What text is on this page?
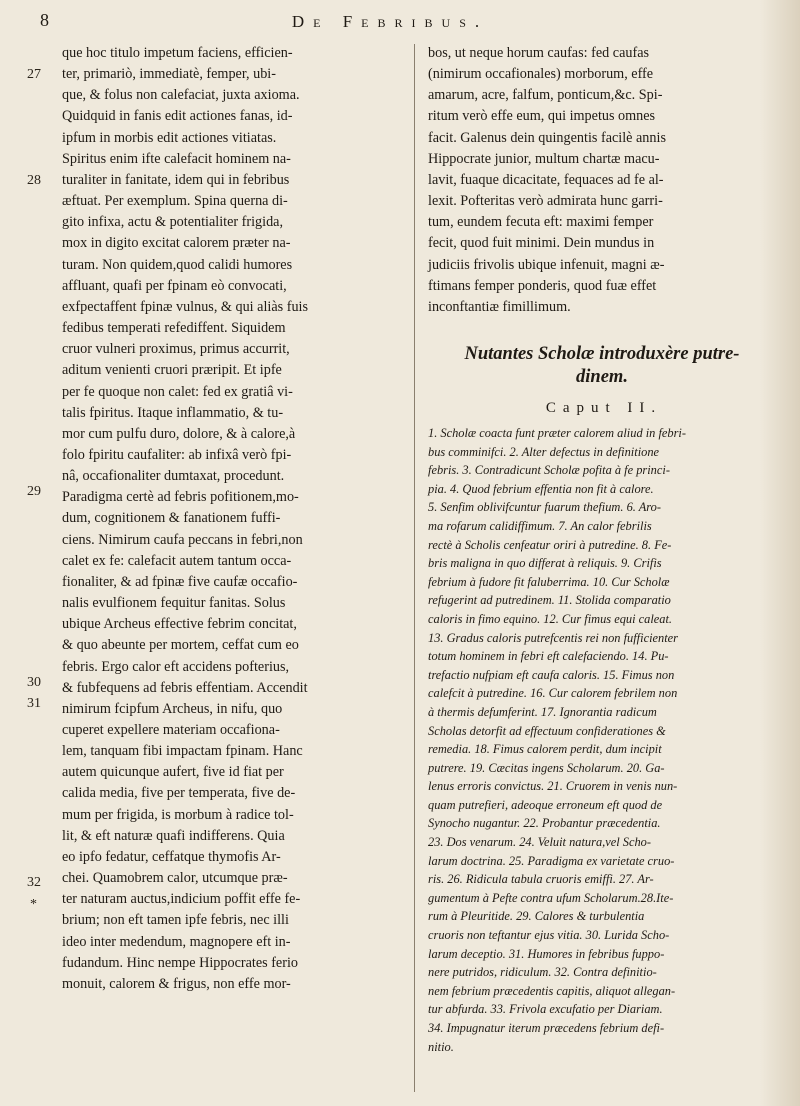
8	De Febribus.
27
28
29
30
31
32
*
que hoc titulo impetum faciens, efficien-
ter, primariò, immediatè, femper, ubi-
que, & folus non calefaciat, juxta axioma.
Quidquid in fanis edit actiones fanas, id-
ipfum in morbis edit actiones vitiatas.
Spiritus enim ifte calefacit hominem na-
turaliter in fanitate, idem qui in febribus
æftuat. Per exemplum. Spina querna di-
gito infixa, actu & potentialiter frigida,
mox in digito excitat calorem præter na-
turam. Non quidem,quod calidi humores
affluant, quafi per fpinam eò convocati,
exfpectaffent fpinæ vulnus, & qui aliàs fuis
fedibus temperati refediffent. Siquidem
cruor vulneri proximus, primus accurrit,
aditum venienti cruori præripit. Et ipfe
per fe quoque non calet: fed ex gratiâ vi-
talis fpiritus. Itaque inflammatio, & tu-
mor cum pulfu duro, dolore, & à calore,à
folo fpiritu caufaliter: ab infixâ verò fpi-
nâ, occafionaliter dumtaxat, procedunt.
Paradigma certè ad febris pofitionem,mo-
dum, cognitionem & fanationem fuffi-
ciens. Nimirum caufa peccans in febri,non
calet ex fe: calefacit autem tantum occa-
fionaliter, & ad fpinæ five caufæ occafio-
nalis evulfionem fequitur fanitas. Solus
ubique Archeus effective febrim concitat,
& quo abeunte per mortem, ceffat cum eo
febris. Ergo calor eft accidens pofterius,
& fubfequens ad febris effentiam. Accendit
nimirum fcipfum Archeus, in nifu, quo
cuperet expellere materiam occafiona-
lem, tanquam fibi impactam fpinam. Hanc
autem quicunque aufert, five id fiat per
calida media, five per temperata, five de-
mum per frigida, is morbum à radice tol-
lit, & eft naturæ quafi indifferens. Quia
eo ipfo fedatur, ceffatque thymofis Ar-
chei. Quamobrem calor, utcumque præ-
ter naturam auctus,indicium poffit effe fe-
brium; non eft tamen ipfe febris, nec illi
ideo inter medendum, magnopere eft in-
fudandum. Hinc nempe Hippocrates ferio
monuit, calorem & frigus, non effe mor-
bos, ut neque horum caufas: fed caufas
(nimirum occafionales) morborum, effe
amarum, acre, falfum, ponticum,&c. Spi-
ritum verò effe eum, qui impetus omnes
facit. Galenus dein quingentis facilè annis
Hippocrate junior, multum chartæ macu-
lavit, fuaque dicacitate, fequaces ad fe al-
lexit. Pofteritas verò admirata hunc garri-
tum, eundem fecuta eft: maximi femper
fecit, quod fuit minimi. Dein mundus in
judiciis frivolis ubique infenuit, magni æ-
ftimans femper ponderis, quod fuæ effet
inconftantiæ fimillimum.
Nutantes Scholæ introduxère putre-
dinem.
Caput II.
1. Scholæ coacta funt præter calorem aliud in febri-
bus comminifci. 2. Alter defectus in definitione
febris. 3. Contradicunt Scholæ pofita à fe princi-
pia. 4. Quod febrium effentia non fit à calore.
5. Senfim oblivifcuntur fuarum thefium. 6. Aro-
ma rofarum calidiffimum. 7. An calor febrilis
rectè à Scholis cenfeatur oriri à putredine. 8. Fe-
bris maligna in quo differat à reliquis. 9. Crifis
febrium à fudore fit faluberrima. 10. Cur Scholæ
refugerint ad putredinem. 11. Stolida comparatio
caloris in fimo equino. 12. Cur fimus equi caleat.
13. Gradus caloris putrefcentis rei non fufficienter
totum hominem in febri eft calefaciendo. 14. Pu-
trefactio nufpiam eft caufa caloris. 15. Fimus non
calefcit à putredine. 16. Cur calorem febrilem non
à thermis defumferint. 17. Ignorantia radicum
Scholas detorfit ad effectuum confiderationes &
remedia. 18. Fimus calorem perdit, dum incipit
putrere. 19. Cæcitas ingens Scholarum. 20. Ga-
lenus erroris convictus. 21. Cruorem in venis nun-
quam putrefieri, adeoque erroneum eft quod de
Synocho nugantur. 22. Probantur præcedentia.
23. Dos venarum. 24. Veluit natura,vel Scho-
larum doctrina. 25. Paradigma ex varietate cruo-
ris. 26. Ridicula tabula cruoris emiffi. 27. Ar-
gumentum à Pefte contra ufum Scholarum.28.Ite-
rum à Pleuritide. 29. Calores & turbulentia
cruoris non teftantur ejus vitia. 30. Lurida Scho-
larum deceptio. 31. Humores in febribus fuppo-
nere putridos, ridiculum. 32. Contra definitio-
nem febrium præcedentis capitis, aliquot allegan-
tur abfurda. 33. Frivola excufatio per Diariam.
34. Impugnatur iterum præcedens febrium defi-
nitio.
